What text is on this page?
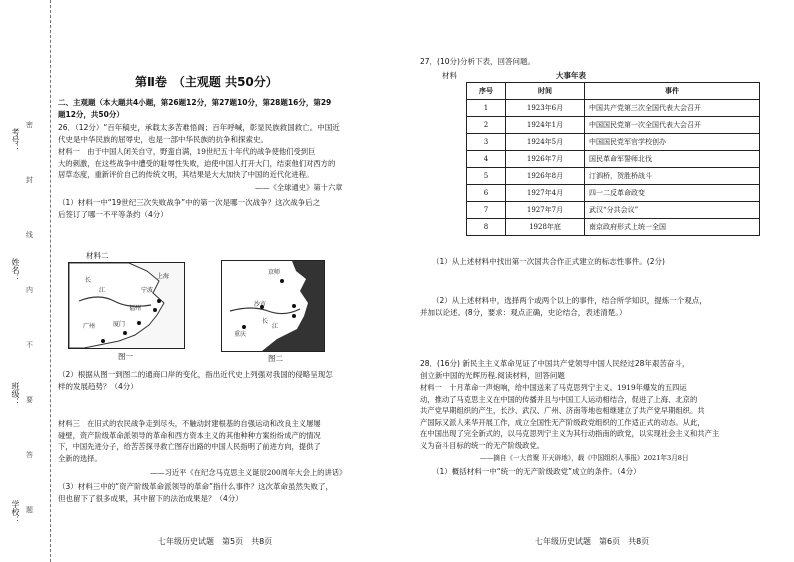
考号：
姓名：
班级：
学校：
密
封
线
内
不
要
答
题
第Ⅱ卷　（主观题 共50分）
二、主观题（本大题共4小题，第26题12分，第27题10分，第28题16分，第29
题12分，共50分）
26．（12分）“百年稿史，承载太多苦难悟阁；百年呼喊，彰显民族救国救亡。中国近
代史是中华民族的屈辱史，也是一部中华民族的抗争和探索史。
材料一　由于中国人闭关自守，野蛮自满，19世纪五十年代的战争使他们受到巨
大的刺激，在这些战争中遭受的耻辱性失败，迫使中国人打开大门，结束他们对西方的
居草态度，重新评价自己的传统文明，其结果是大大加快了中国的近代化进程。
——《全球通史》第十六章
（1）材料一中“19世纪三次失败战争”中的第一次是哪一次战争？这次战争后之
后签订了哪一不平等条约（4分）
材料二
上海
宁波
福州
厦门
广州
长
江
图一
京师
沙市
苏州
杭州
重庆
长
江
图二
（2）根据从图一到图二的通商口岸的变化，指出近代史上列强对我国的侵略呈现怎
样的发展趋势？（4分）
材料三　在旧式的农民战争走到尽头，不触动封建根基的自强运动和改良主义屡屡
碰壁，资产阶级革命派领导的革命和西方资本主义的其他种种方案纷纷成产的情况
下，中国先进分子，给苦苦探寻救亡图存出路的中国人民指明了前进方向，提供了
全新的选择。
——习近平《在纪念马克思主义诞辰200周年大会上的讲话》
（3）材料三中的“资产阶级革命派领导的革命”指什么事件？这次革命虽然失败了，
但也留下了很多成果，其中留下的法治成果是？（4分）
七年级历史试题　第5页　共8页
27．(10分)分析下表，回答问题。
材料	大事年表
序号	时间	事件
1	1923年6月	中国共产党第三次全国代表大会召开
2	1924年1月	中国国民党第一次全国代表大会召开
3	1924年5月	中国国民党军官学校创办
4	1926年7月	国民革命军誓师北伐
5	1926年8月	汀泗桥，贺胜桥战斗
6	1927年4月	四一二反革命政变
7	1927年7月	武汉“分共会议”
8	1928年底	南京政府形式上统一全国
（1）从上述材料中找出第一次国共合作正式建立的标志性事件。(2分)
（2）从上述材料中，选择两个或两个以上的事件，结合所学知识，提炼一个观点，
并加以论述。(8分，要求：观点正确，史论结合，表述清楚。）
28．(16分) 新民主主义革命见证了中国共产党领导中国人民经过28年艰苦奋斗，
创立新中国的光辉历程.阅读材料，回答问题
材料一　十月革命一声炮响，给中国送来了马克思列宁主义。1919年爆发的五四运
动，推动了马克思主义在中国的传播并且与中国工人运动相结合，促进了上海、北京的
共产党早期组织的产生，长沙、武汉、广州、济南等地也相继建立了共产党早期组织。共
产国际又派人来华开展工作，成立全国性无产阶级政党组织的工作适正式的动态。从此，
在中国出现了完全新式的，以马克思列宁主义为其行动指南的政党，以实现社会主义和共产主
义为奋斗目标的统一的无产阶级政党。
——摘自《一大首聚 开天辟地》，载《中国组织人事报》2021年3月8日
（1）概括材料一中“统一的无产阶级政党”成立的条件。（4分）
七年级历史试题　第6页　共8页
